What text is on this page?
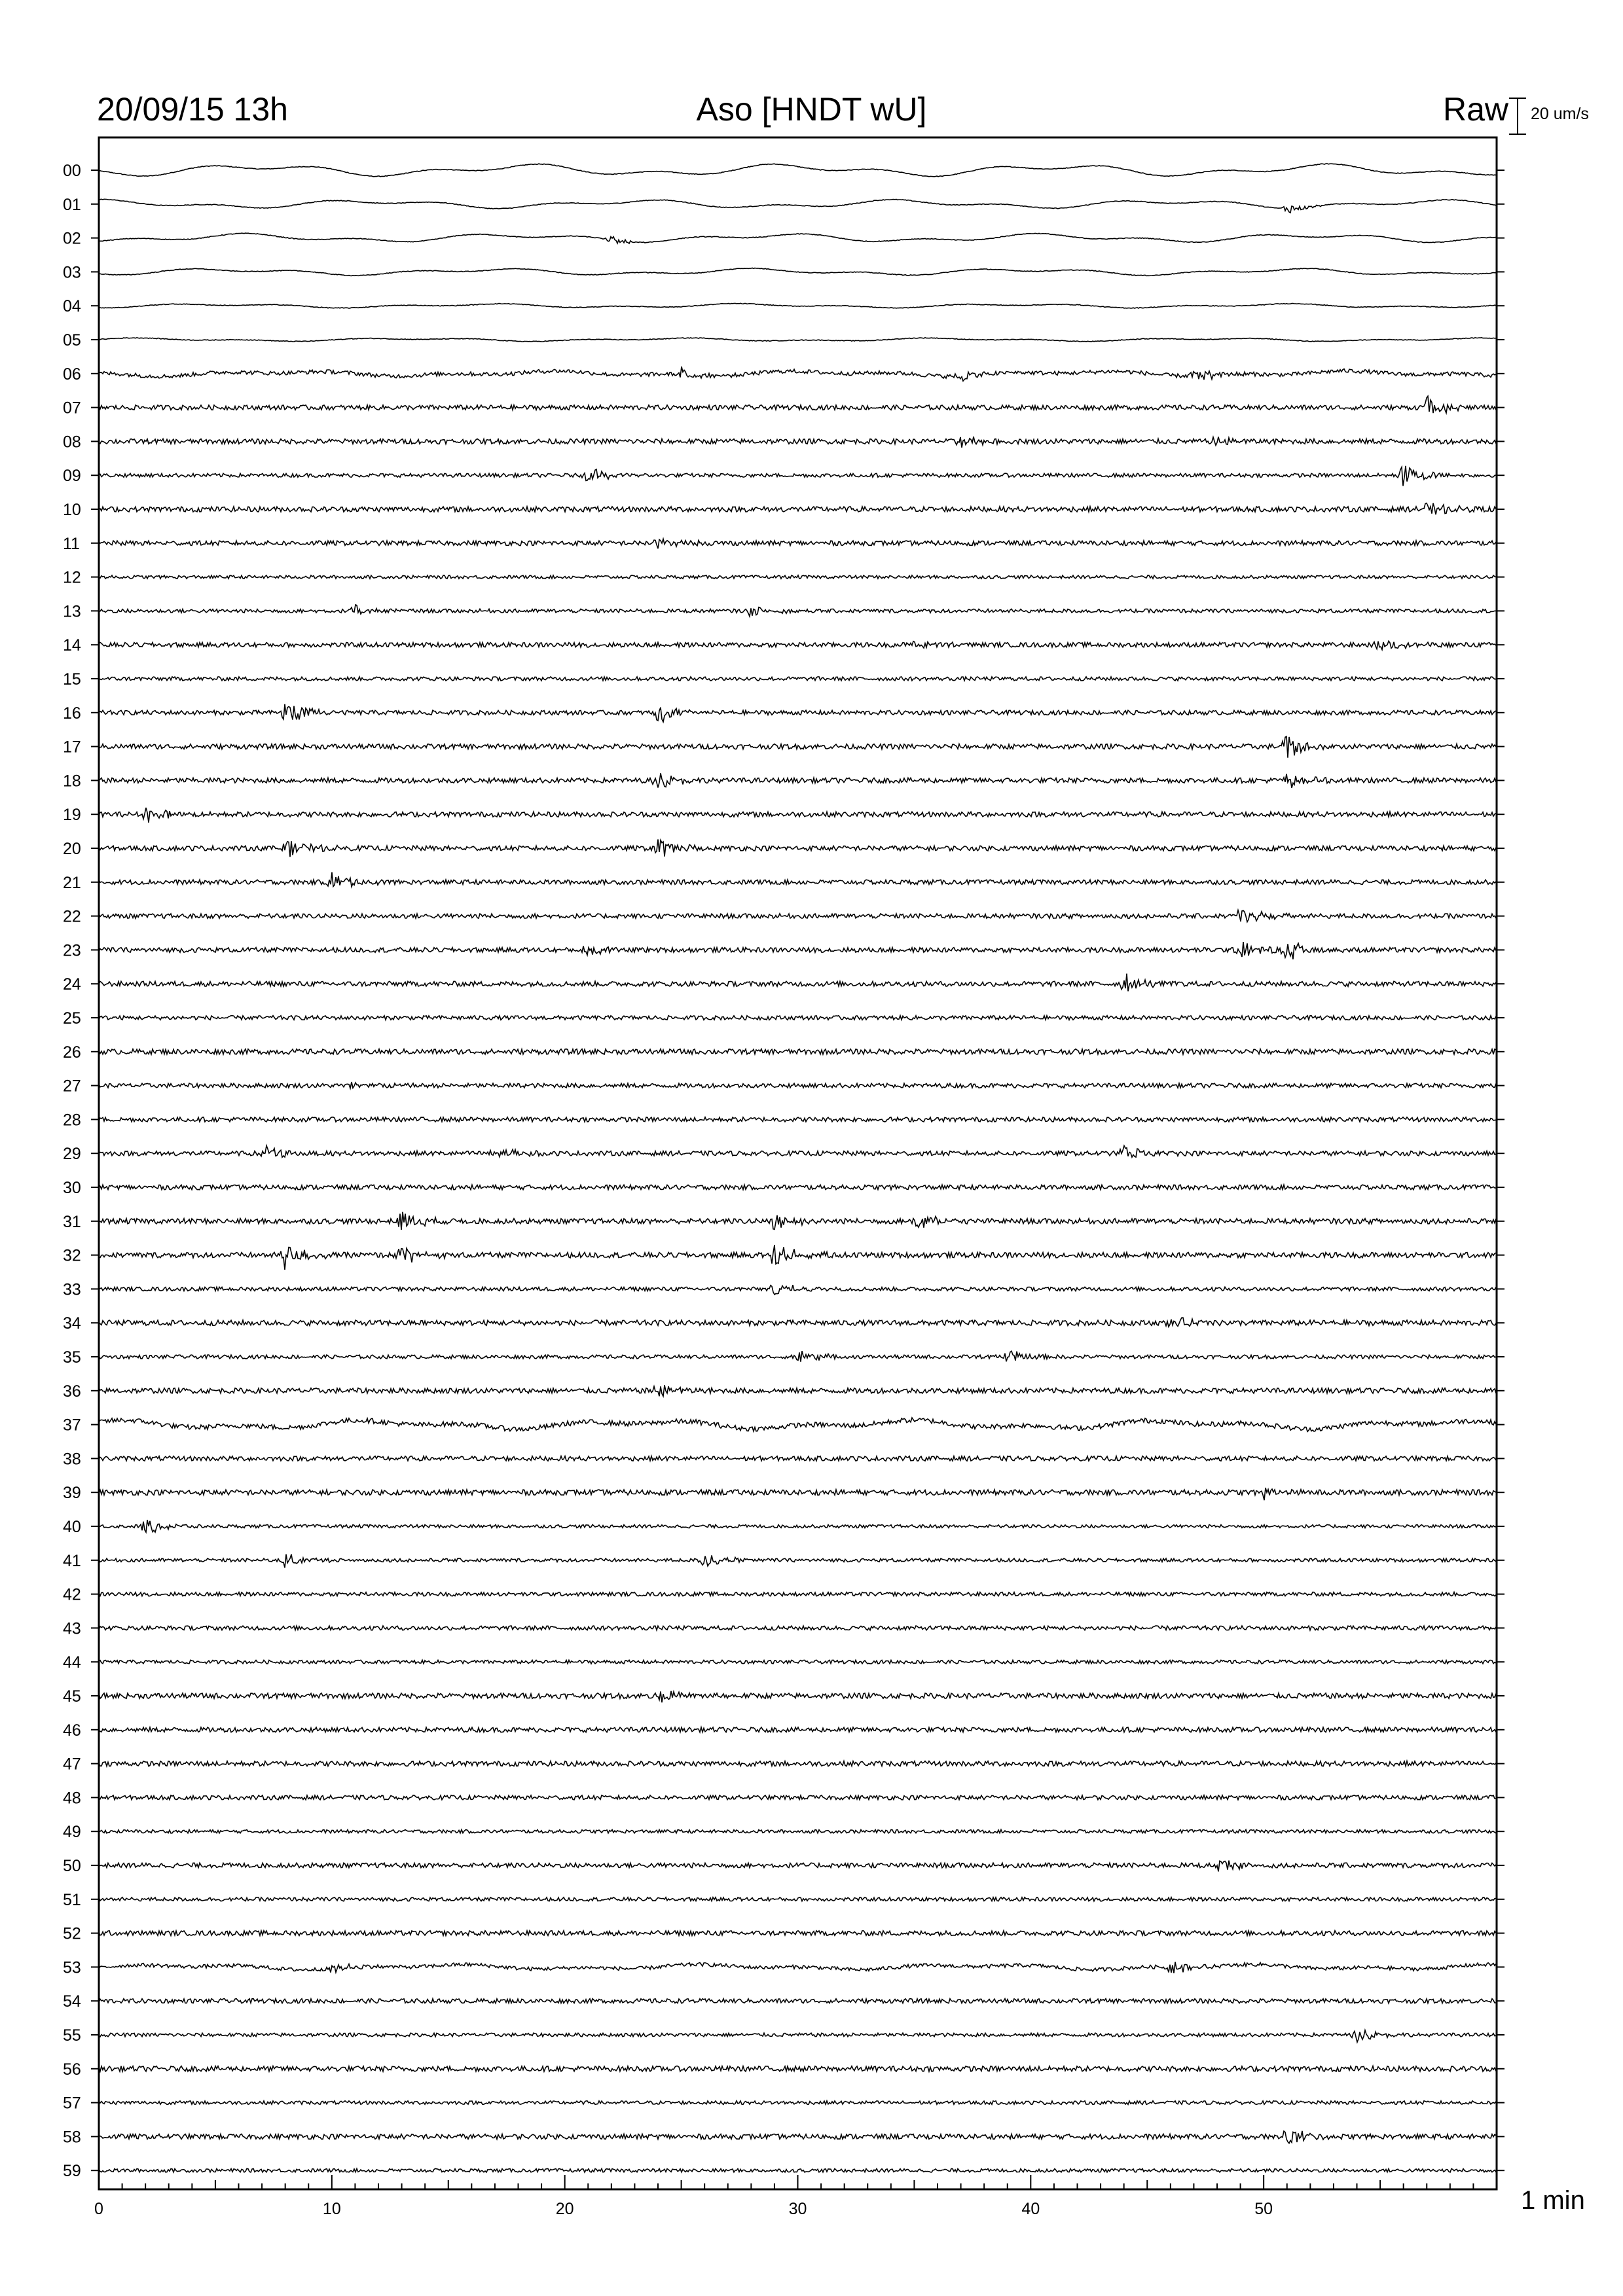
00
01
02
03
04
05
06
07
08
09
10
11
12
13
14
15
16
17
18
19
20
21
22
23
24
25
26
27
28
29
30
31
32
33
34
35
36
37
38
39
40
41
42
43
44
45
46
47
48
49
50
51
52
53
54
55
56
57
58
59
0	10	20	30	40	50
20/09/15 13h	Aso [HNDT wU]	Raw 20 um/s
1 min
